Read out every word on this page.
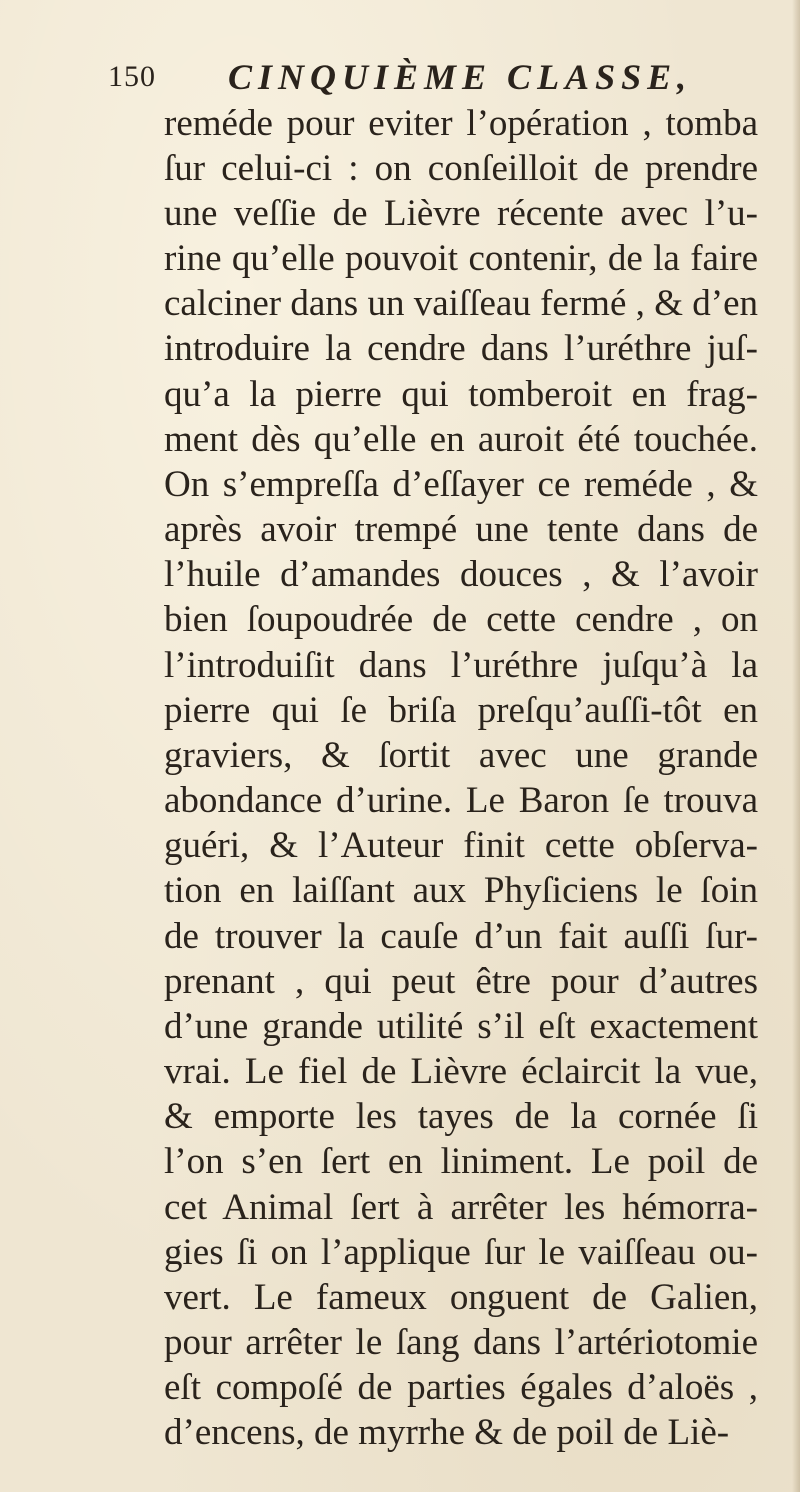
150 CINQUIÈME CLASSE,
reméde pour eviter l’opération , tomba
ſur celui-ci : on conſeilloit de prendre
une veſſie de Lièvre récente avec l’u-
rine qu’elle pouvoit contenir, de la faire
calciner dans un vaiſſeau fermé , & d’en
introduire la cendre dans l’uréthre juſ-
qu’a la pierre qui tomberoit en frag-
ment dès qu’elle en auroit été touchée.
On s’empreſſa d’eſſayer ce reméde , &
après avoir trempé une tente dans de
l’huile d’amandes douces , & l’avoir
bien ſoupoudrée de cette cendre , on
l’introduiſit dans l’uréthre juſqu’à la
pierre qui ſe briſa preſqu’auſſi-tôt en
graviers, & ſortit avec une grande
abondance d’urine. Le Baron ſe trouva
guéri, & l’Auteur finit cette obſerva-
tion en laiſſant aux Phyſiciens le ſoin
de trouver la cauſe d’un fait auſſi ſur-
prenant , qui peut être pour d’autres
d’une grande utilité s’il eſt exactement
vrai. Le fiel de Lièvre éclaircit la vue,
& emporte les tayes de la cornée ſi
l’on s’en ſert en liniment. Le poil de
cet Animal ſert à arrêter les hémorra-
gies ſi on l’applique ſur le vaiſſeau ou-
vert. Le fameux onguent de Galien,
pour arrêter le ſang dans l’artériotomie
eſt compoſé de parties égales d’aloës ,
d’encens, de myrrhe & de poil de Liè-
